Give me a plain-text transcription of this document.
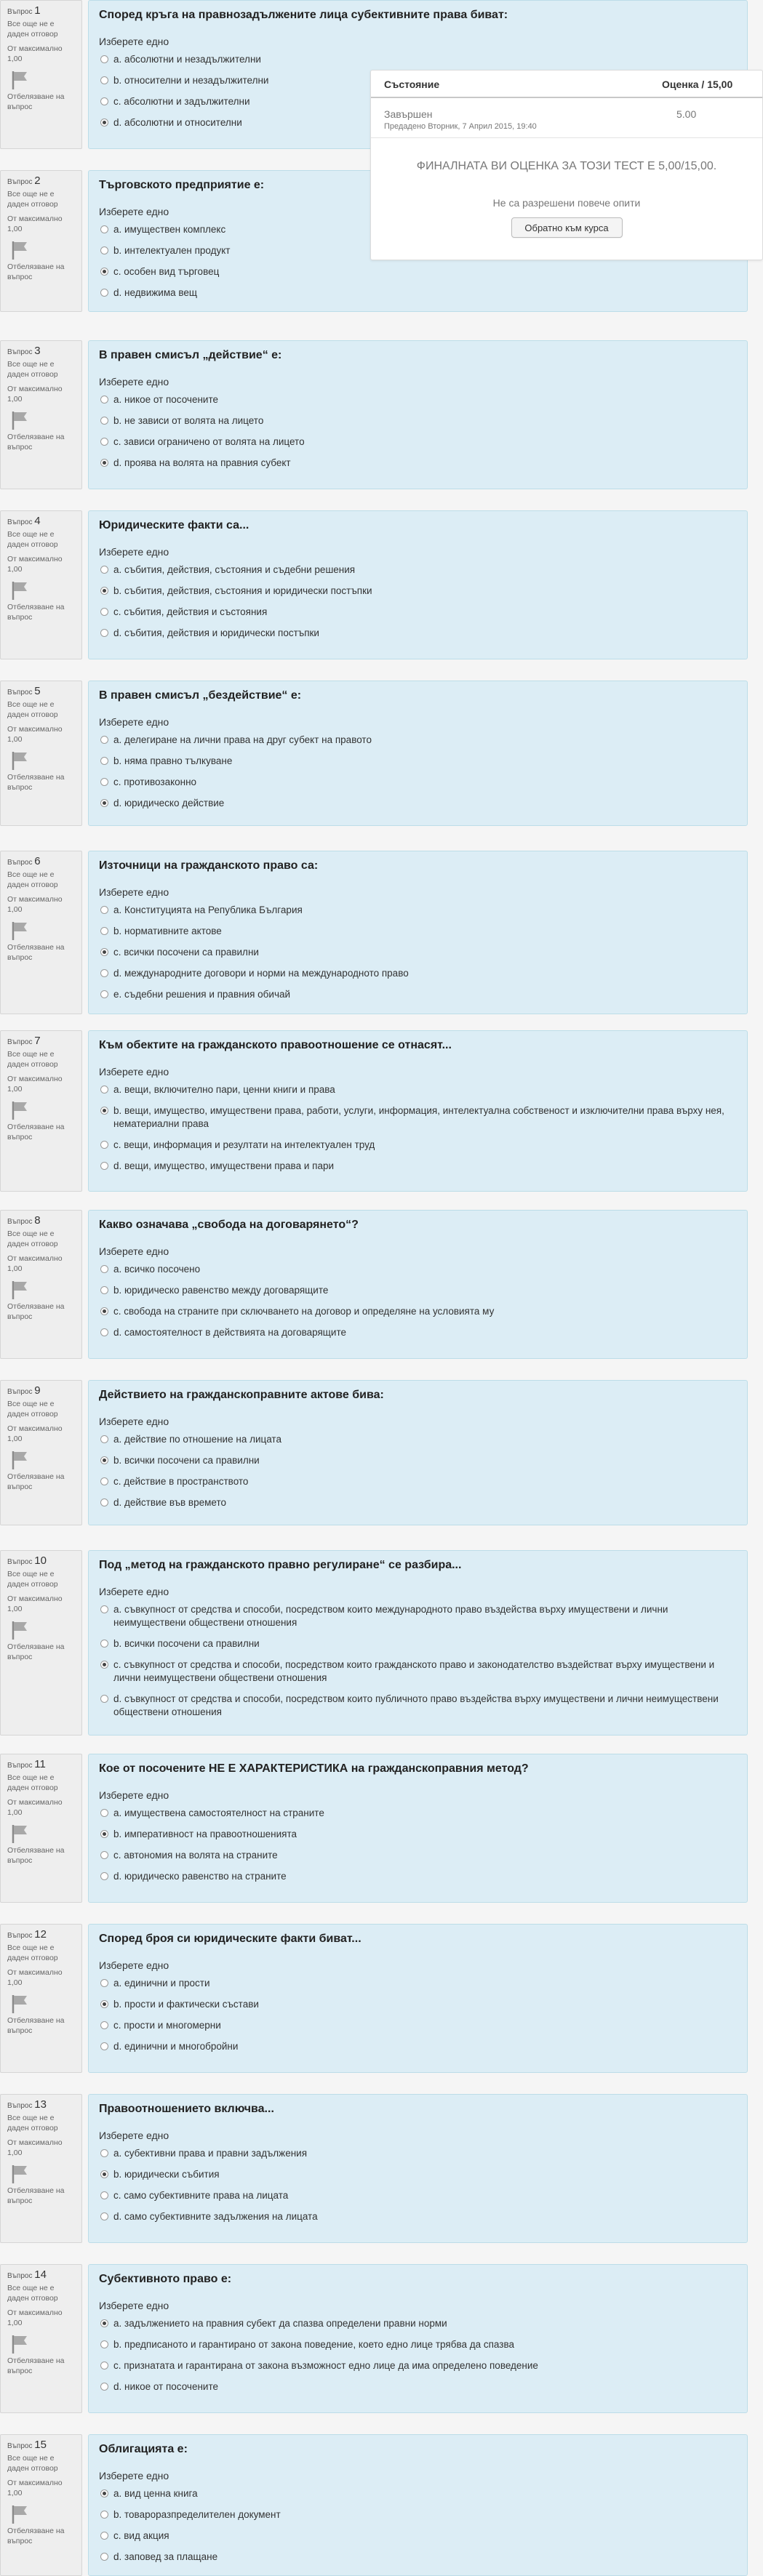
Въпрос 1
Все още не е даден отговор
От максимално 1,00
Отбелязване на въпрос
Според кръга на правнозадължените лица субективните права биват:
Изберете едно
a. абсолютни и незадължителни
b. относителни и незадължителни
c. абсолютни и задължителни
d. абсолютни и относителни
Въпрос 2
Все още не е даден отговор
От максимално 1,00
Отбелязване на въпрос
Търговското предприятие е:
Изберете едно
a. имуществен комплекс
b. интелектуален продукт
c. особен вид търговец
d. недвижима вещ
Въпрос 3
Все още не е даден отговор
От максимално 1,00
Отбелязване на въпрос
В правен смисъл „действие“ е:
Изберете едно
a. никое от посочените
b. не зависи от волята на лицето
c. зависи ограничено от волята на лицето
d. проява на волята на правния субект
Въпрос 4
Все още не е даден отговор
От максимално 1,00
Отбелязване на въпрос
Юридическите факти са...
Изберете едно
a. събития, действия, състояния и съдебни решения
b. събития, действия, състояния и юридически постъпки
c. събития, действия и състояния
d. събития, действия и юридически постъпки
Въпрос 5
Все още не е даден отговор
От максимално 1,00
Отбелязване на въпрос
В правен смисъл „бездействие“ е:
Изберете едно
a. делегиране на лични права на друг субект на правото
b. няма правно тълкуване
c. противозаконно
d. юридическо действие
Въпрос 6
Все още не е даден отговор
От максимално 1,00
Отбелязване на въпрос
Източници на гражданското право са:
Изберете едно
a. Конституцията на Република България
b. нормативните актове
c. всички посочени са правилни
d. международните договори и норми на международното право
e. съдебни решения и правния обичай
Въпрос 7
Все още не е даден отговор
От максимално 1,00
Отбелязване на въпрос
Към обектите на гражданското правоотношение се отнасят...
Изберете едно
a. вещи, включително пари, ценни книги и права
b. вещи, имущество, имуществени права, работи, услуги, информация, интелектуална собственост и изключителни права върху нея, нематериални права
c. вещи, информация и резултати на интелектуален труд
d. вещи, имущество, имуществени права и пари
Въпрос 8
Все още не е даден отговор
От максимално 1,00
Отбелязване на въпрос
Какво означава „свобода на договарянето“?
Изберете едно
a. всичко посочено
b. юридическо равенство между договарящите
c. свобода на страните при сключването на договор и определяне на условията му
d. самостоятелност в действията на договарящите
Въпрос 9
Все още не е даден отговор
От максимално 1,00
Отбелязване на въпрос
Действието на гражданскоправните актове бива:
Изберете едно
a. действие по отношение на лицата
b. всички посочени са правилни
c. действие в пространството
d. действие във времето
Въпрос 10
Все още не е даден отговор
От максимално 1,00
Отбелязване на въпрос
Под „метод на гражданското правно регулиране“ се разбира...
Изберете едно
a. съвкупност от средства и способи, посредством които международното право въздейства върху имуществени и лични неимуществени обществени отношения
b. всички посочени са правилни
c. съвкупност от средства и способи, посредством които гражданското право и законодателство въздействат върху имуществени и лични неимуществени обществени отношения
d. съвкупност от средства и способи, посредством които публичното право въздейства върху имуществени и лични неимуществени обществени отношения
Въпрос 11
Все още не е даден отговор
От максимално 1,00
Отбелязване на въпрос
Кое от посочените НЕ Е ХАРАКТЕРИСТИКА на гражданскоправния метод?
Изберете едно
a. имуществена самостоятелност на страните
b. императивност на правоотношенията
c. автономия на волята на страните
d. юридическо равенство на страните
Въпрос 12
Все още не е даден отговор
От максимално 1,00
Отбелязване на въпрос
Според броя си юридическите факти биват...
Изберете едно
a. единични и прости
b. прости и фактически състави
c. прости и многомерни
d. единични и многобройни
Въпрос 13
Все още не е даден отговор
От максимално 1,00
Отбелязване на въпрос
Правоотношението включва...
Изберете едно
a. субективни права и правни задължения
b. юридически събития
c. само субективните права на лицата
d. само субективните задължения на лицата
Въпрос 14
Все още не е даден отговор
От максимално 1,00
Отбелязване на въпрос
Субективното право е:
Изберете едно
a. задължението на правния субект да спазва определени правни норми
b. предписаното и гарантирано от закона поведение, което едно лице трябва да спазва
c. признатата и гарантирана от закона възможност едно лице да има определено поведение
d. никое от посочените
Въпрос 15
Все още не е даден отговор
От максимално 1,00
Отбелязване на въпрос
Облигацията е:
Изберете едно
a. вид ценна книга
b. товароразпределителен документ
c. вид акция
d. заповед за плащане
Състояние	Оценка / 15,00
Завършен
Предадено Вторник, 7 Април 2015, 19:40
5.00
ФИНАЛНАТА ВИ ОЦЕНКА ЗА ТОЗИ ТЕСТ Е 5,00/15,00.
Не са разрешени повече опити
Обратно към курса
